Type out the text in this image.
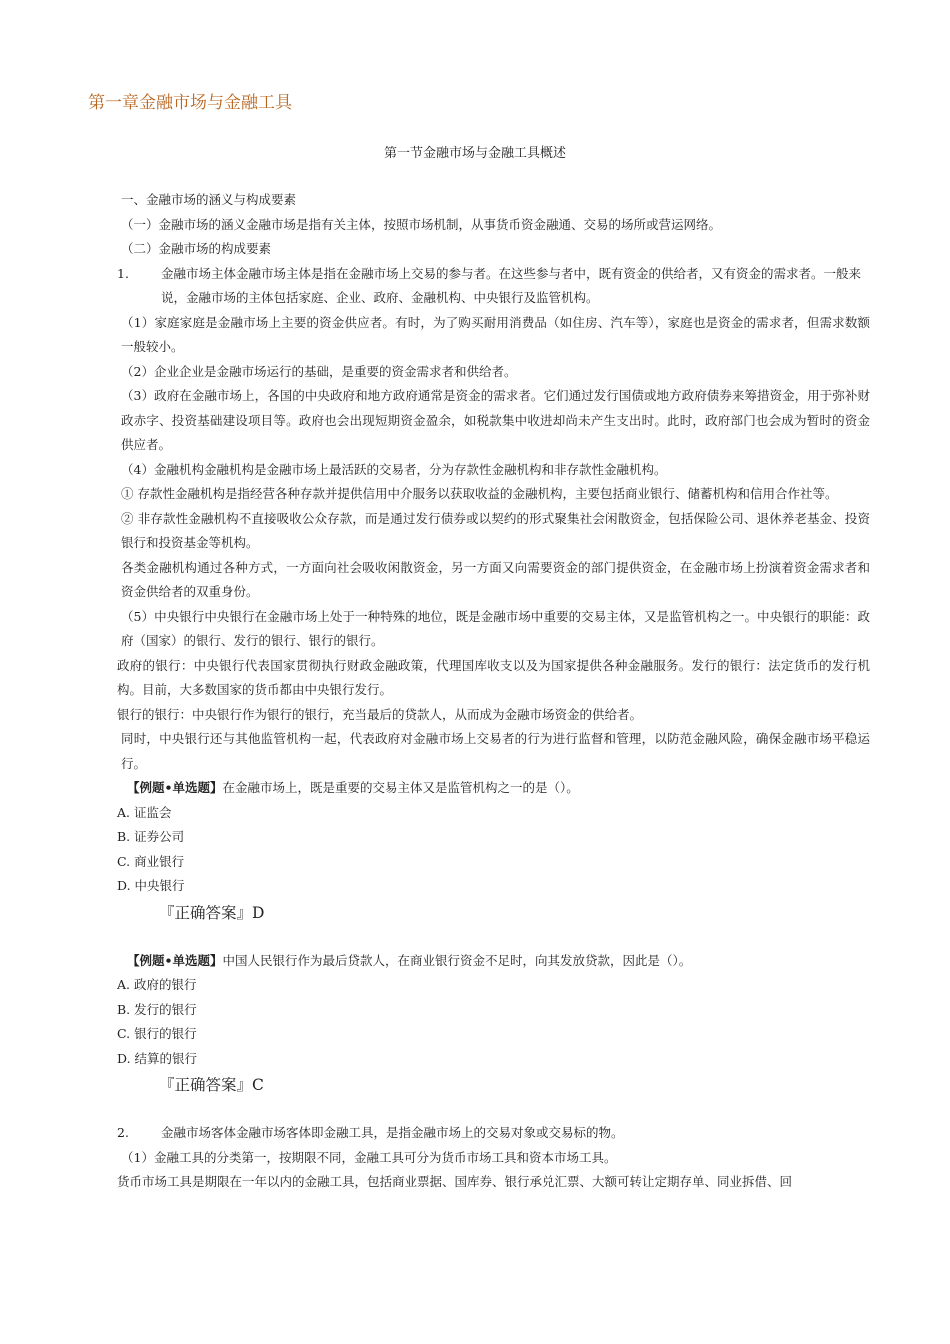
第一章金融市场与金融工具
第一节金融市场与金融工具概述

一、金融市场的涵义与构成要素

（一）金融市场的涵义金融市场是指有关主体，按照市场机制，从事货币资金融通、交易的场所或营运网络。

（二）金融市场的构成要素

1.	金融市场主体金融市场主体是指在金融市场上交易的参与者。在这些参与者中，既有资金的供给者，又有资金的需求者。一般来说，金融市场的主体包括家庭、企业、政府、金融机构、中央银行及监管机构。

（1）家庭家庭是金融市场上主要的资金供应者。有时，为了购买耐用消费品（如住房、汽车等），家庭也是资金的需求者，但需求数额一般较小。

（2）企业企业是金融市场运行的基础，是重要的资金需求者和供给者。

（3）政府在金融市场上，各国的中央政府和地方政府通常是资金的需求者。它们通过发行国债或地方政府债券来筹措资金，用于弥补财政赤字、投资基础建设项目等。政府也会出现短期资金盈余，如税款集中收进却尚未产生支出时。此时，政府部门也会成为暂时的资金供应者。

（4）金融机构金融机构是金融市场上最活跃的交易者，分为存款性金融机构和非存款性金融机构。

① 存款性金融机构是指经营各种存款并提供信用中介服务以获取收益的金融机构，主要包括商业银行、储蓄机构和信用合作社等。

② 非存款性金融机构不直接吸收公众存款，而是通过发行债券或以契约的形式聚集社会闲散资金，包括保险公司、退休养老基金、投资银行和投资基金等机构。

各类金融机构通过各种方式，一方面向社会吸收闲散资金，另一方面又向需要资金的部门提供资金，在金融市场上扮演着资金需求者和资金供给者的双重身份。

（5）中央银行中央银行在金融市场上处于一种特殊的地位，既是金融市场中重要的交易主体，又是监管机构之一。中央银行的职能：政府（国家）的银行、发行的银行、银行的银行。

政府的银行：中央银行代表国家贯彻执行财政金融政策，代理国库收支以及为国家提供各种金融服务。发行的银行：法定货币的发行机构。目前，大多数国家的货币都由中央银行发行。

银行的银行：中央银行作为银行的银行，充当最后的贷款人，从而成为金融市场资金的供给者。

同时，中央银行还与其他监管机构一起，代表政府对金融市场上交易者的行为进行监督和管理，以防范金融风险，确保金融市场平稳运行。

【例题•单选题】在金融市场上，既是重要的交易主体又是监管机构之一的是（）。

A. 证监会

B. 证券公司

C. 商业银行

D. 中央银行

『正确答案』D

【例题•单选题】中国人民银行作为最后贷款人，在商业银行资金不足时，向其发放贷款，因此是（）。

A. 政府的银行

B. 发行的银行

C. 银行的银行

D. 结算的银行

『正确答案』C

2.	金融市场客体金融市场客体即金融工具，是指金融市场上的交易对象或交易标的物。

（1）金融工具的分类第一，按期限不同，金融工具可分为货币市场工具和资本市场工具。

货币市场工具是期限在一年以内的金融工具，包括商业票据、国库券、银行承兑汇票、大额可转让定期存单、同业拆借、回
